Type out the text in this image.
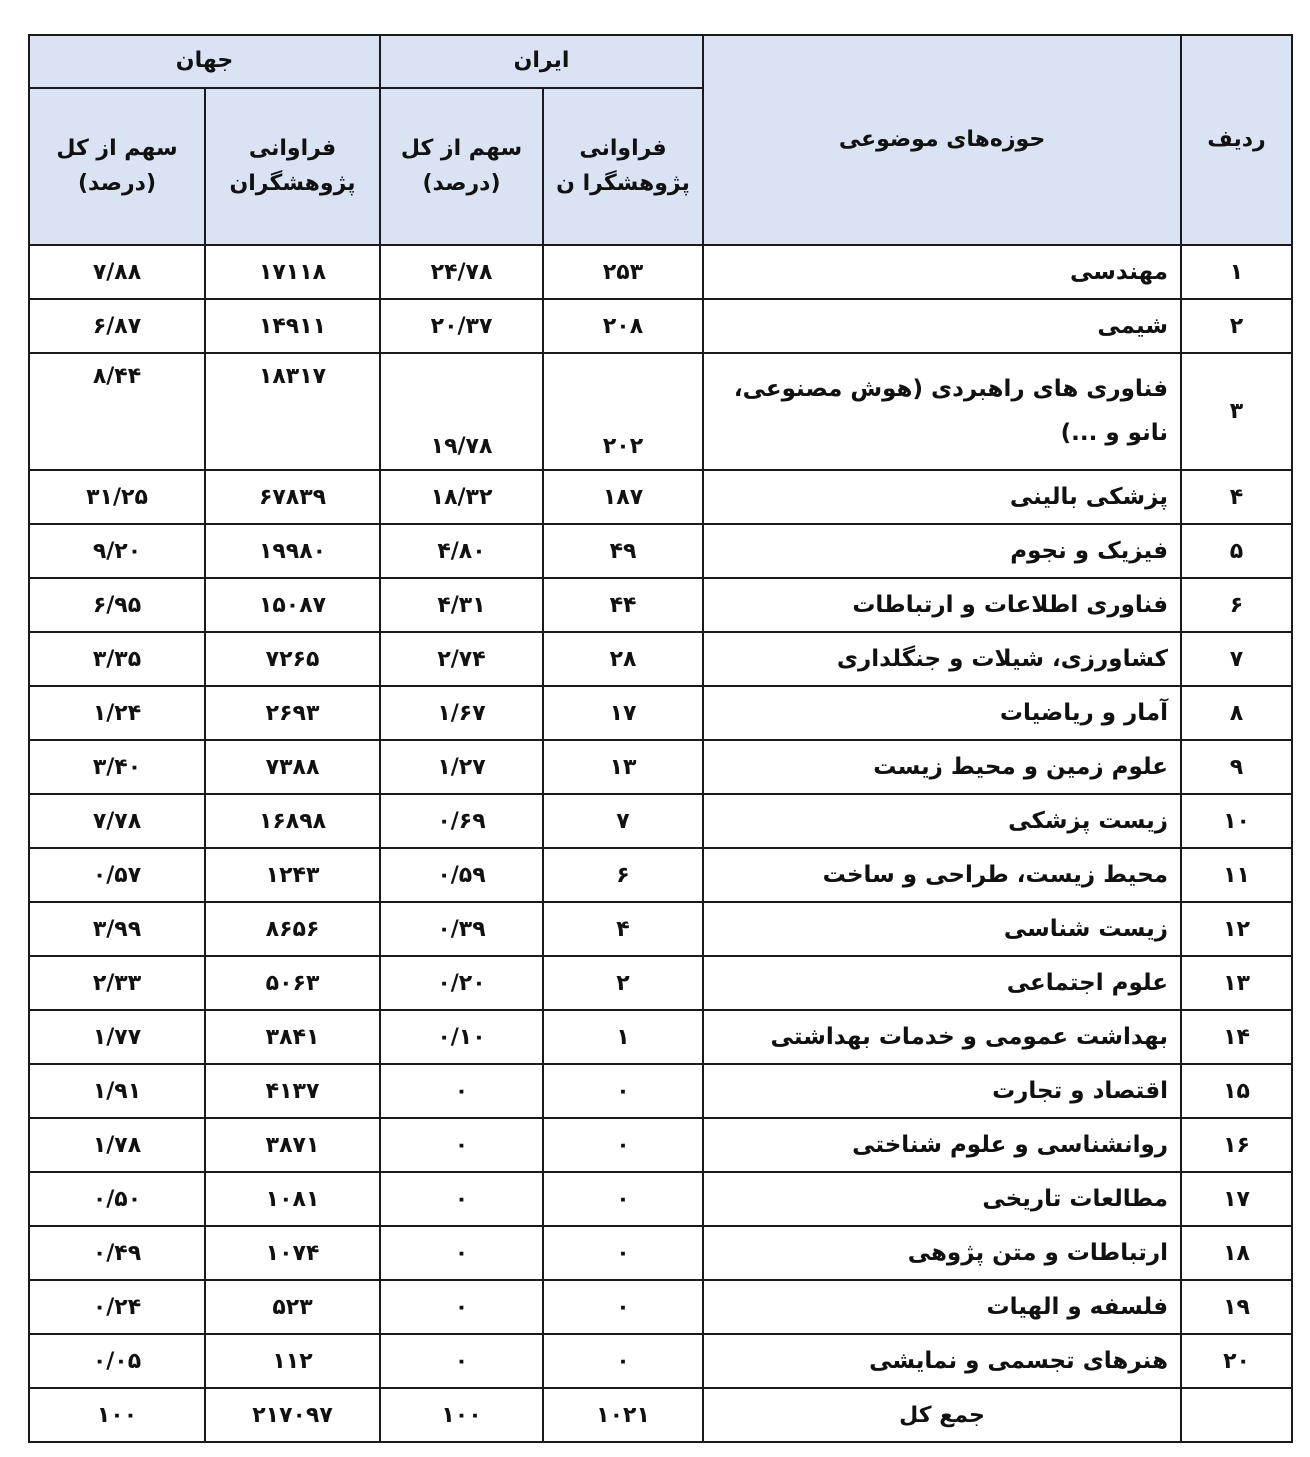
ردیف	حوزه‌های موضوعی	ایران		جهان	
		فراوانی پژوهشگرا ن	سهم از کل (درصد)	فراوانی پژوهشگران	سهم از کل (درصد)
۱	مهندسی	۲۵۳	۲۴/۷۸	۱۷۱۱۸	۷/۸۸
۲	شیمی	۲۰۸	۲۰/۳۷	۱۴۹۱۱	۶/۸۷
۳	فناوری های راهبردی (هوش مصنوعی، نانو و ...)	۲۰۲	۱۹/۷۸	۱۸۳۱۷	۸/۴۴
۴	پزشکی بالینی	۱۸۷	۱۸/۳۲	۶۷۸۳۹	۳۱/۲۵
۵	فیزیک و نجوم	۴۹	۴/۸۰	۱۹۹۸۰	۹/۲۰
۶	فناوری اطلاعات و ارتباطات	۴۴	۴/۳۱	۱۵۰۸۷	۶/۹۵
۷	کشاورزی، شیلات و جنگلداری	۲۸	۲/۷۴	۷۲۶۵	۳/۳۵
۸	آمار و ریاضیات	۱۷	۱/۶۷	۲۶۹۳	۱/۲۴
۹	علوم زمین و محیط زیست	۱۳	۱/۲۷	۷۳۸۸	۳/۴۰
۱۰	زیست پزشکی	۷	۰/۶۹	۱۶۸۹۸	۷/۷۸
۱۱	محیط زیست، طراحی و ساخت	۶	۰/۵۹	۱۲۴۳	۰/۵۷
۱۲	زیست شناسی	۴	۰/۳۹	۸۶۵۶	۳/۹۹
۱۳	علوم اجتماعی	۲	۰/۲۰	۵۰۶۳	۲/۳۳
۱۴	بهداشت عمومی و خدمات بهداشتی	۱	۰/۱۰	۳۸۴۱	۱/۷۷
۱۵	اقتصاد و تجارت	۰	۰	۴۱۳۷	۱/۹۱
۱۶	روانشناسی و علوم شناختی	۰	۰	۳۸۷۱	۱/۷۸
۱۷	مطالعات تاریخی	۰	۰	۱۰۸۱	۰/۵۰
۱۸	ارتباطات و متن پژوهی	۰	۰	۱۰۷۴	۰/۴۹
۱۹	فلسفه و الهیات	۰	۰	۵۲۳	۰/۲۴
۲۰	هنرهای تجسمی و نمایشی	۰	۰	۱۱۲	۰/۰۵
	جمع کل	۱۰۲۱	۱۰۰	۲۱۷۰۹۷	۱۰۰
